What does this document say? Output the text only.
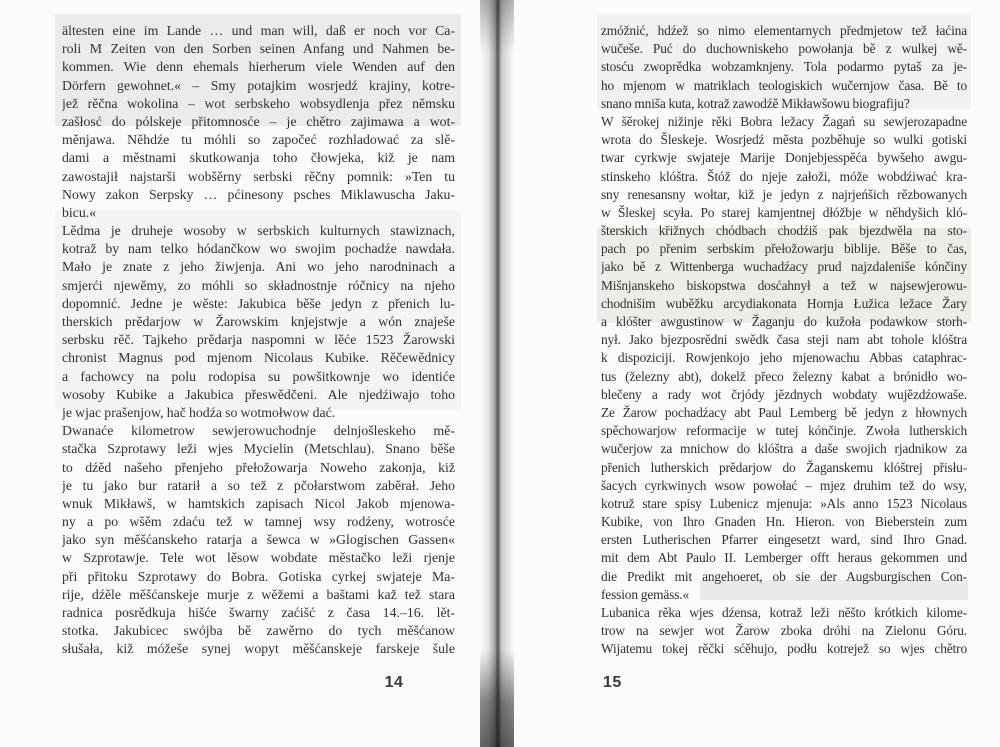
ältesten eine im Lande … und man will, daß er noch vor Ca-
roli M Zeiten von den Sorben seinen Anfang und Nahmen be-
kommen. Wie denn ehemals hierherum viele Wenden auf den
Dörfern gewohnet.« – Smy potajkim wosrjedź krajiny, kotre-
jež rěčna wokolina – wot serbskeho wobsydlenja přez němsku
zašłosć do pólskeje přitomnosće – je chětro zajimawa a wot-
měnjawa. Něhdźe tu móhli so započeć rozhladować za slě-
dami a městnami skutkowanja toho čłowjeka, kiž je nam
zawostajił najstarši wobšěrny serbski rěčny pomnik: »Ten tu
Nowy zakon Serpsky … pćinesony psches Miklawuscha Jaku-
bicu.«
Lědma je druheje wosoby w serbskich kulturnych stawiznach,
kotraž by nam telko hódančkow wo swojim pochadźe nawdała.
Mało je znate z jeho žiwjenja. Ani wo jeho narodninach a
smjerći njewěmy, zo móhli so składnostnje róčnicy na njeho
dopomnić. Jedne je wěste: Jakubica běše jedyn z přenich lu-
therskich prědarjow w Žarowskim knjejstwje a wón znaješe
serbsku rěč. Tajkeho prědarja naspomni w lěće 1523 Žarowski
chronist Magnus pod mjenom Nicolaus Kubike. Rěčewědnicy
a fachowcy na polu rodopisa su powšitkownje wo identiće
wosoby Kubike a Jakubica přeswědčeni. Ale njedźiwajo toho
je wjac prašenjow, hač hodźa so wotmołwow dać.
Dwanaće kilometrow sewjerowuchodnje delnjošleskeho mě-
stačka Szprotawy leži wjes Mycielin (Metschlau). Snano běše
to dźěd našeho přenjeho přełožowarja Noweho zakonja, kiž
je tu jako bur ratarił a so tež z pčołarstwom zaběrał. Jeho
wnuk Mikławš, w hamtskich zapisach Nicol Jakob mjenowa-
ny a po wšěm zdaću tež w tamnej wsy rodźeny, wotrosće
jako syn měšćanskeho ratarja a šewca w »Glogischen Gassen«
w Szprotawje. Tele wot lěsow wobdate městačko leži rjenje
při přitoku Szprotawy do Bobra. Gotiska cyrkej swjateje Ma-
rije, dźěle měšćanskeje murje z wěžemi a baštami kaž tež stara
radnica posrědkuja hišće šwarny zaćišć z časa 14.–16. lět-
stotka. Jakubicec swójba bě zawěrno do tych měšćanow
słušała, kiž móžeše synej wopyt měšćanskeje farskeje šule
zmóžnić, hdźež so nimo elementarnych předmjetow tež łaćina
wučeše. Puć do duchowniskeho powołanja bě z wulkej wě-
stosću zwoprědka wobzamknjeny. Tola podarmo pytaš za je-
ho mjenom w matriklach teologiskich wučernjow časa. Bě to
snano mniša kuta, kotraž zawodźě Mikławšowu biografiju?
W šěrokej nižinje rěki Bobra ležacy Žagań su sewjerozapadne
wrota do Šleskeje. Wosrjedź města pozběhuje so wulki gotiski
twar cyrkwje swjateje Marije Donjebjesspěća bywšeho awgu-
stinskeho klóštra. Štóž do njeje załoži, móže wobdźiwać kra-
sny renesansny wołtar, kiž je jedyn z najrjeńšich rězbowanych
w Šleskej scyła. Po starej kamjentnej dłóžbje w něhdyšich kló-
šterskich křižnych chódbach chodźiš pak bjezdwěla na sto-
pach po přenim serbskim přełožowarju biblije. Běše to čas,
jako bě z Wittenberga wuchadźacy prud najzdaleniše kónčiny
Mišnjanskeho biskopstwa dosćahnył a tež w najsewjerowu-
chodnišim wuběžku arcydiakonata Hornja Łužica ležace Žary
a klóšter awgustinow w Žaganju do kužoła podawkow storh-
nył. Jako bjezposrědni swědk časa steji nam abt tohole klóštra
k dispoziciji. Rowjenkojo jeho mjenowachu Abbas cataphrac-
tus (železny abt), dokelž přeco železny kabat a brónidło wo-
blečeny a rady wot črjódy jězdnych wobdaty wujězdźowaše.
Ze Žarow pochadźacy abt Paul Lemberg bě jedyn z hłownych
spěchowarjow reformacije w tutej kónčinje. Zwoła lutherskich
wučerjow za mnichow do klóštra a daše swojich rjadnikow za
přenich lutherskich prědarjow do Žaganskemu klóštrej přisłu-
šacych cyrkwinych wsow powołać – mjez druhim tež do wsy,
kotruž stare spisy Lubenicz mjenuja: »Als anno 1523 Nicolaus
Kubike, von Ihro Gnaden Hn. Hieron. von Bieberstein zum
ersten Lutherischen Pfarrer eingesetzt ward, sind Ihro Gnad.
mit dem Abt Paulo II. Lemberger offt heraus gekommen und
die Predikt mit angehoeret, ob sie der Augsburgischen Con-
fession gemäss.«
Lubanica rěka wjes dźensa, kotraž leži něšto krótkich kilome-
trow na sewjer wot Žarow zboka dróhi na Zielonu Góru.
Wijatemu tokej rěčki sćěhujo, podłu kotrejež so wjes chětro
14	15
